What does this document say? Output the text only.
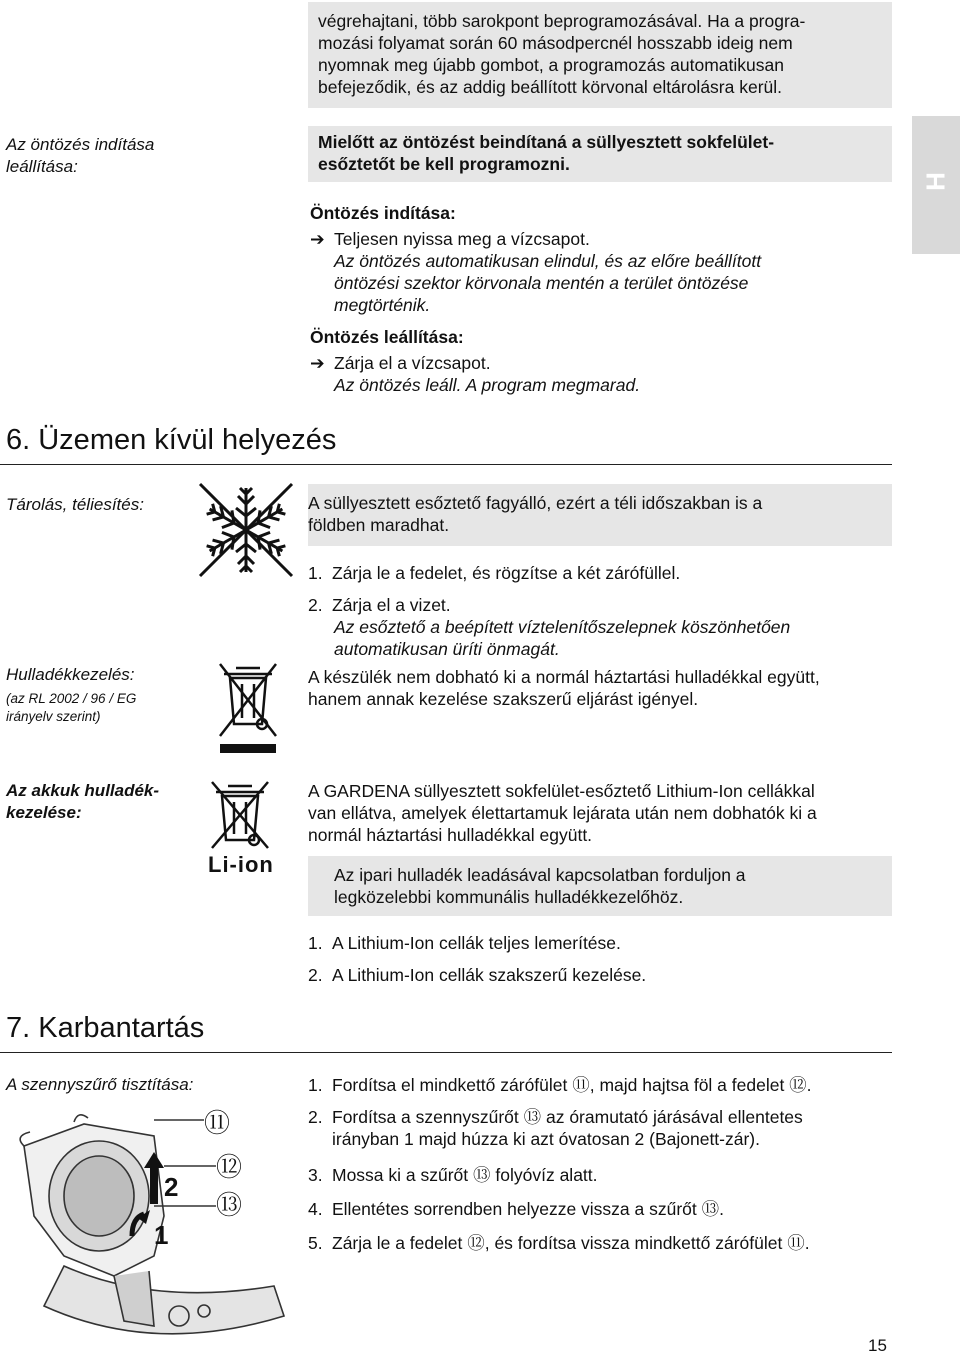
H
végrehajtani, több sarokpont beprogramozásával. Ha a progra-
mozási folyamat során 60 másodpercnél hosszabb ideig nem
nyomnak meg újabb gombot, a programozás automatikusan
befejeződik, és az addig beállított körvonal eltárolásra kerül.
Az öntözés indítása
leállítása:
Mielőtt az öntözést beindítaná a süllyesztett sokfelület-
esőztetőt be kell programozni.
Öntözés indítása:
➔ Teljesen nyissa meg a vízcsapot.
Az öntözés automatikusan elindul, és az előre beállított
öntözési szektor körvonala mentén a terület öntözése
megtörténik.
Öntözés leállítása:
➔ Zárja el a vízcsapot.
Az öntözés leáll. A program megmarad.
6. Üzemen kívül helyezés
Tárolás, téliesítés:	A süllyesztett esőztető fagyálló, ezért a téli időszakban is a
földben maradhat.
1. Zárja le a fedelet, és rögzítse a két zárófüllel.
2. Zárja el a vizet.
Az esőztető a beépített víztelenítőszelepnek köszönhetően
automatikusan üríti önmagát.
Hulladékkezelés:
(az RL 2002 / 96 / EG
irányelv szerint)
A készülék nem dobható ki a normál háztartási hulladékkal együtt,
hanem annak kezelése szakszerű eljárást igényel.
Az akkuk hulladék-
kezelése:
Li-ion
A GARDENA süllyesztett sokfelület-esőztető Lithium-Ion cellákkal
van ellátva, amelyek élettartamuk lejárata után nem dobhatók ki a
normál háztartási hulladékkal együtt.
Az ipari hulladék leadásával kapcsolatban forduljon a
legközelebbi kommunális hulladékkezelőhöz.
1. A Lithium-Ion cellák teljes lemerítése.
2. A Lithium-Ion cellák szakszerű kezelése.
7. Karbantartás
A szennyszűrő tisztítása:
2
1
⑪
⑫
⑬
1. Fordítsa el mindkettő zárófület ⑪, majd hajtsa föl a fedelet ⑫.
2. Fordítsa a szennyszűrőt ⑬ az óramutató járásával ellentetes
irányban 1 majd húzza ki azt óvatosan 2 (Bajonett-zár).
3. Mossa ki a szűrőt ⑬ folyóvíz alatt.
4. Ellentétes sorrendben helyezze vissza a szűrőt ⑬.
5. Zárja le a fedelet ⑫, és fordítsa vissza mindkettő zárófület ⑪.
15
